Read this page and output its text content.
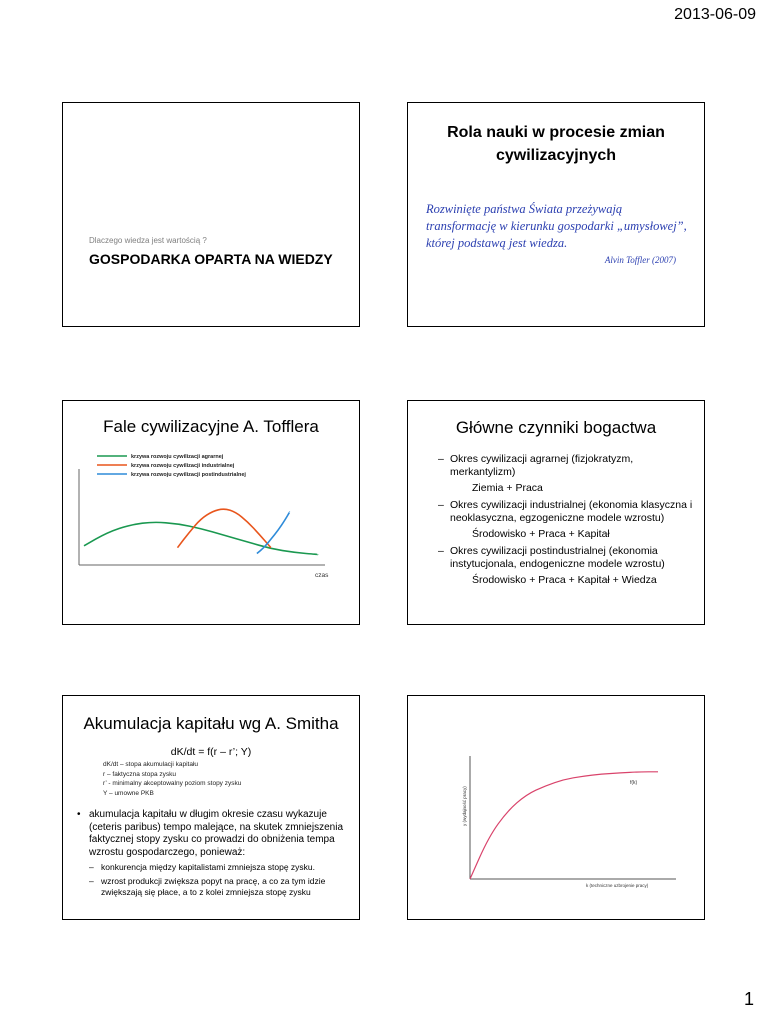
2013-06-09
Dlaczego wiedza jest wartością ?
GOSPODARKA OPARTA NA WIEDZY
Rola nauki w procesie zmian cywilizacyjnych
Rozwinięte państwa Świata przeżywają transformację w kierunku gospodarki „umysłowej”, której podstawą jest wiedza.
Alvin Toffler (2007)
Fale cywilizacyjne A. Tofflera
czas
krzywa rozwoju cywilizacji agrarnej
krzywa rozwoju cywilizacji industrialnej
krzywa rozwoju cywilizacji postindustrialnej
Główne czynniki bogactwa
– Okres cywilizacji agrarnej (fizjokratyzm, merkantylizm)
Ziemia + Praca
– Okres cywilizacji industrialnej (ekonomia klasyczna i neoklasyczna, egzogeniczne modele wzrostu)
Środowisko + Praca + Kapitał
– Okres cywilizacji postindustrialnej (ekonomia instytucjonala, endogeniczne modele wzrostu)
Środowisko + Praca + Kapitał + Wiedza
Akumulacja kapitału wg A. Smitha
dK/dt = f(r – r’; Y)
dK/dt – stopa akumulacji kapitału
r – faktyczna stopa zysku
r’ - minimalny akceptowalny poziom stopy zysku
Y – umowne PKB
• akumulacja kapitału w długim okresie czasu wykazuje (ceteris paribus) tempo malejące, na skutek zmniejszenia faktycznej stopy zysku co prowadzi do obniżenia tempa wzrostu gospodarczego, ponieważ:
– konkurencja między kapitalistami zmniejsza stopę zysku.
– wzrost produkcji zwiększa popyt na pracę, a co za tym idzie zwiększają się płace, a to z kolei zmniejsza stopę zysku
y (wydajność pracy)
k (techniczne uzbrojenie pracy)
f(k)
1
